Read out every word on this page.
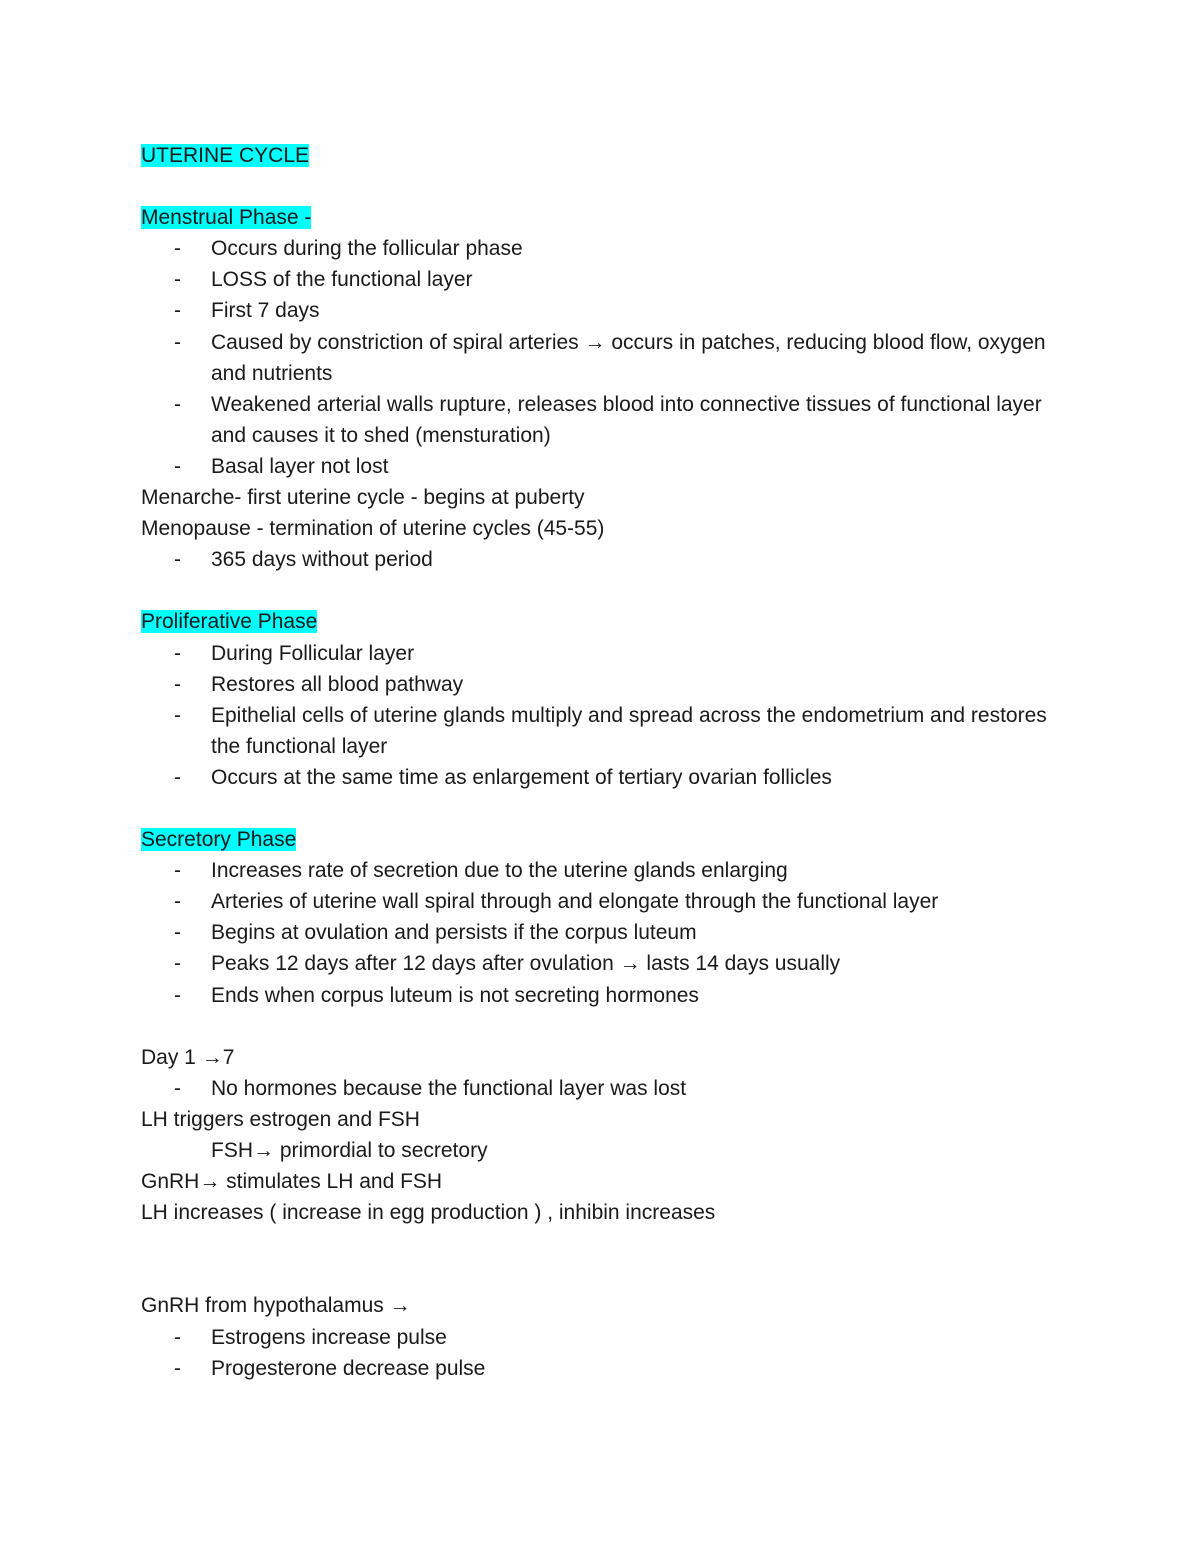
UTERINE CYCLE
Menstrual Phase -
- Occurs during the follicular phase
- LOSS of the functional layer
- First 7 days
- Caused by constriction of spiral arteries → occurs in patches, reducing blood flow, oxygen and nutrients
- Weakened arterial walls rupture, releases blood into connective tissues of functional layer and causes it to shed (mensturation)
- Basal layer not lost
Menarche- first uterine cycle - begins at puberty
Menopause - termination of uterine cycles (45-55)
- 365 days without period
Proliferative Phase
- During Follicular layer
- Restores all blood pathway
- Epithelial cells of uterine glands multiply and spread across the endometrium and restores the functional layer
- Occurs at the same time as enlargement of tertiary ovarian follicles
Secretory Phase
- Increases rate of secretion due to the uterine glands enlarging
- Arteries of uterine wall spiral through and elongate through the functional layer
- Begins at ovulation and persists if the corpus luteum
- Peaks 12 days after 12 days after ovulation → lasts 14 days usually
- Ends when corpus luteum is not secreting hormones
Day 1 →7
- No hormones because the functional layer was lost
LH triggers estrogen and FSH
FSH→ primordial to secretory
GnRH→ stimulates LH and FSH
LH increases ( increase in egg production ) , inhibin increases
GnRH from hypothalamus →
- Estrogens increase pulse
- Progesterone decrease pulse
